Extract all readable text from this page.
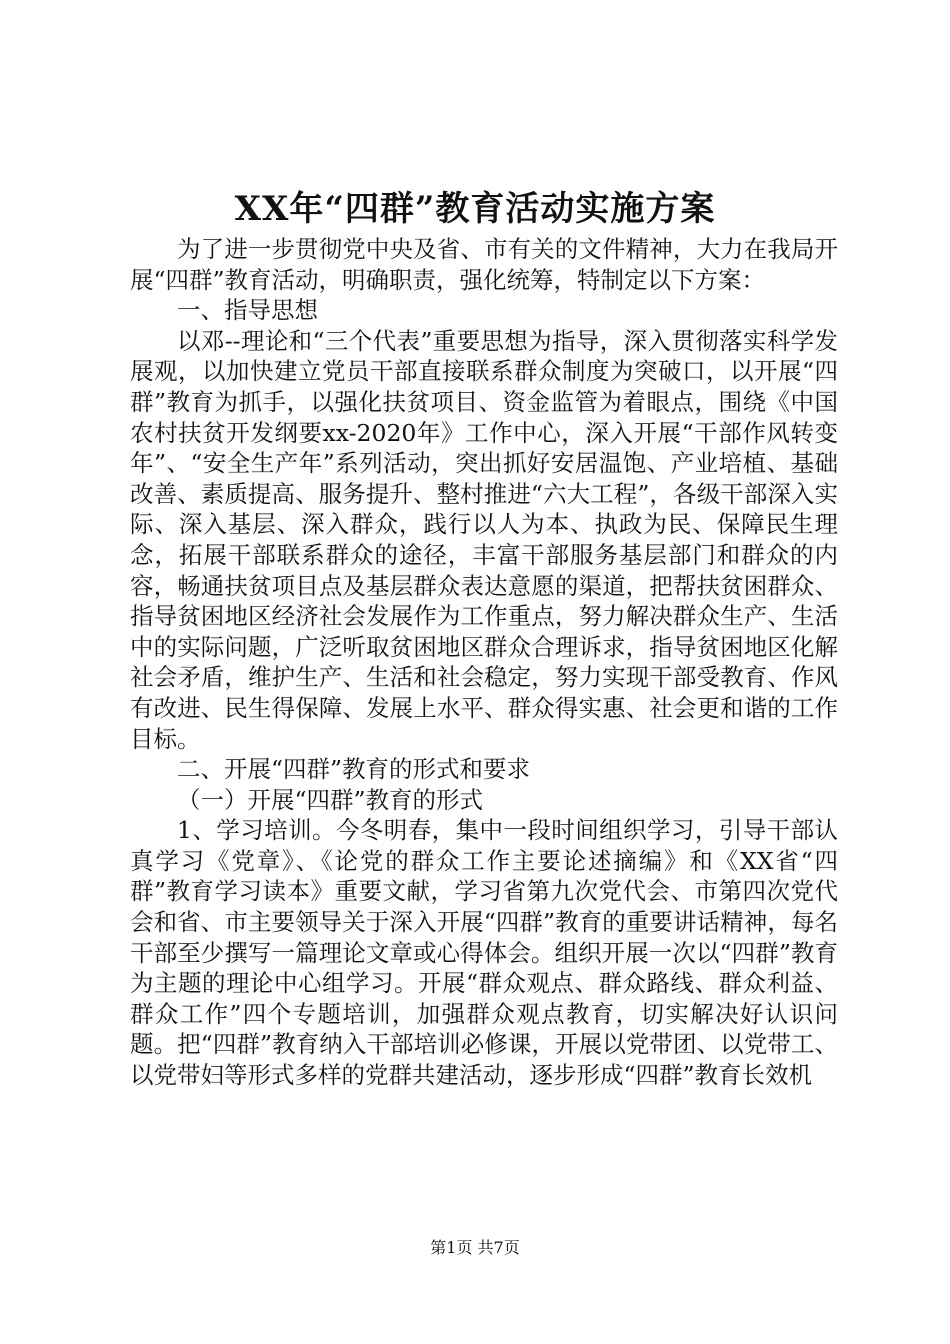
XX年“四群”教育活动实施方案

为了进一步贯彻党中央及省、市有关的文件精神，大力在我局开展“四群”教育活动，明确职责，强化统筹，特制定以下方案：

一、指导思想

以邓--理论和“三个代表”重要思想为指导，深入贯彻落实科学发展观，以加快建立党员干部直接联系群众制度为突破口，以开展“四群”教育为抓手，以强化扶贫项目、资金监管为着眼点，围绕《中国农村扶贫开发纲要xx-2020年》工作中心，深入开展“干部作风转变年”、“安全生产年”系列活动，突出抓好安居温饱、产业培植、基础改善、素质提高、服务提升、整村推进“六大工程”，各级干部深入实际、深入基层、深入群众，践行以人为本、执政为民、保障民生理念，拓展干部联系群众的途径，丰富干部服务基层部门和群众的内容，畅通扶贫项目点及基层群众表达意愿的渠道，把帮扶贫困群众、指导贫困地区经济社会发展作为工作重点，努力解决群众生产、生活中的实际问题，广泛听取贫困地区群众合理诉求，指导贫困地区化解社会矛盾，维护生产、生活和社会稳定，努力实现干部受教育、作风有改进、民生得保障、发展上水平、群众得实惠、社会更和谐的工作目标。

二、开展“四群”教育的形式和要求

（一）开展“四群”教育的形式

1、学习培训。今冬明春，集中一段时间组织学习，引导干部认真学习《党章》、《论党的群众工作主要论述摘编》和《XX省“四群”教育学习读本》重要文献，学习省第九次党代会、市第四次党代会和省、市主要领导关于深入开展“四群”教育的重要讲话精神，每名干部至少撰写一篇理论文章或心得体会。组织开展一次以“四群”教育为主题的理论中心组学习。开展“群众观点、群众路线、群众利益、群众工作”四个专题培训，加强群众观点教育，切实解决好认识问题。把“四群”教育纳入干部培训必修课，开展以党带团、以党带工、以党带妇等形式多样的党群共建活动，逐步形成“四群”教育长效机

第1页 共7页
